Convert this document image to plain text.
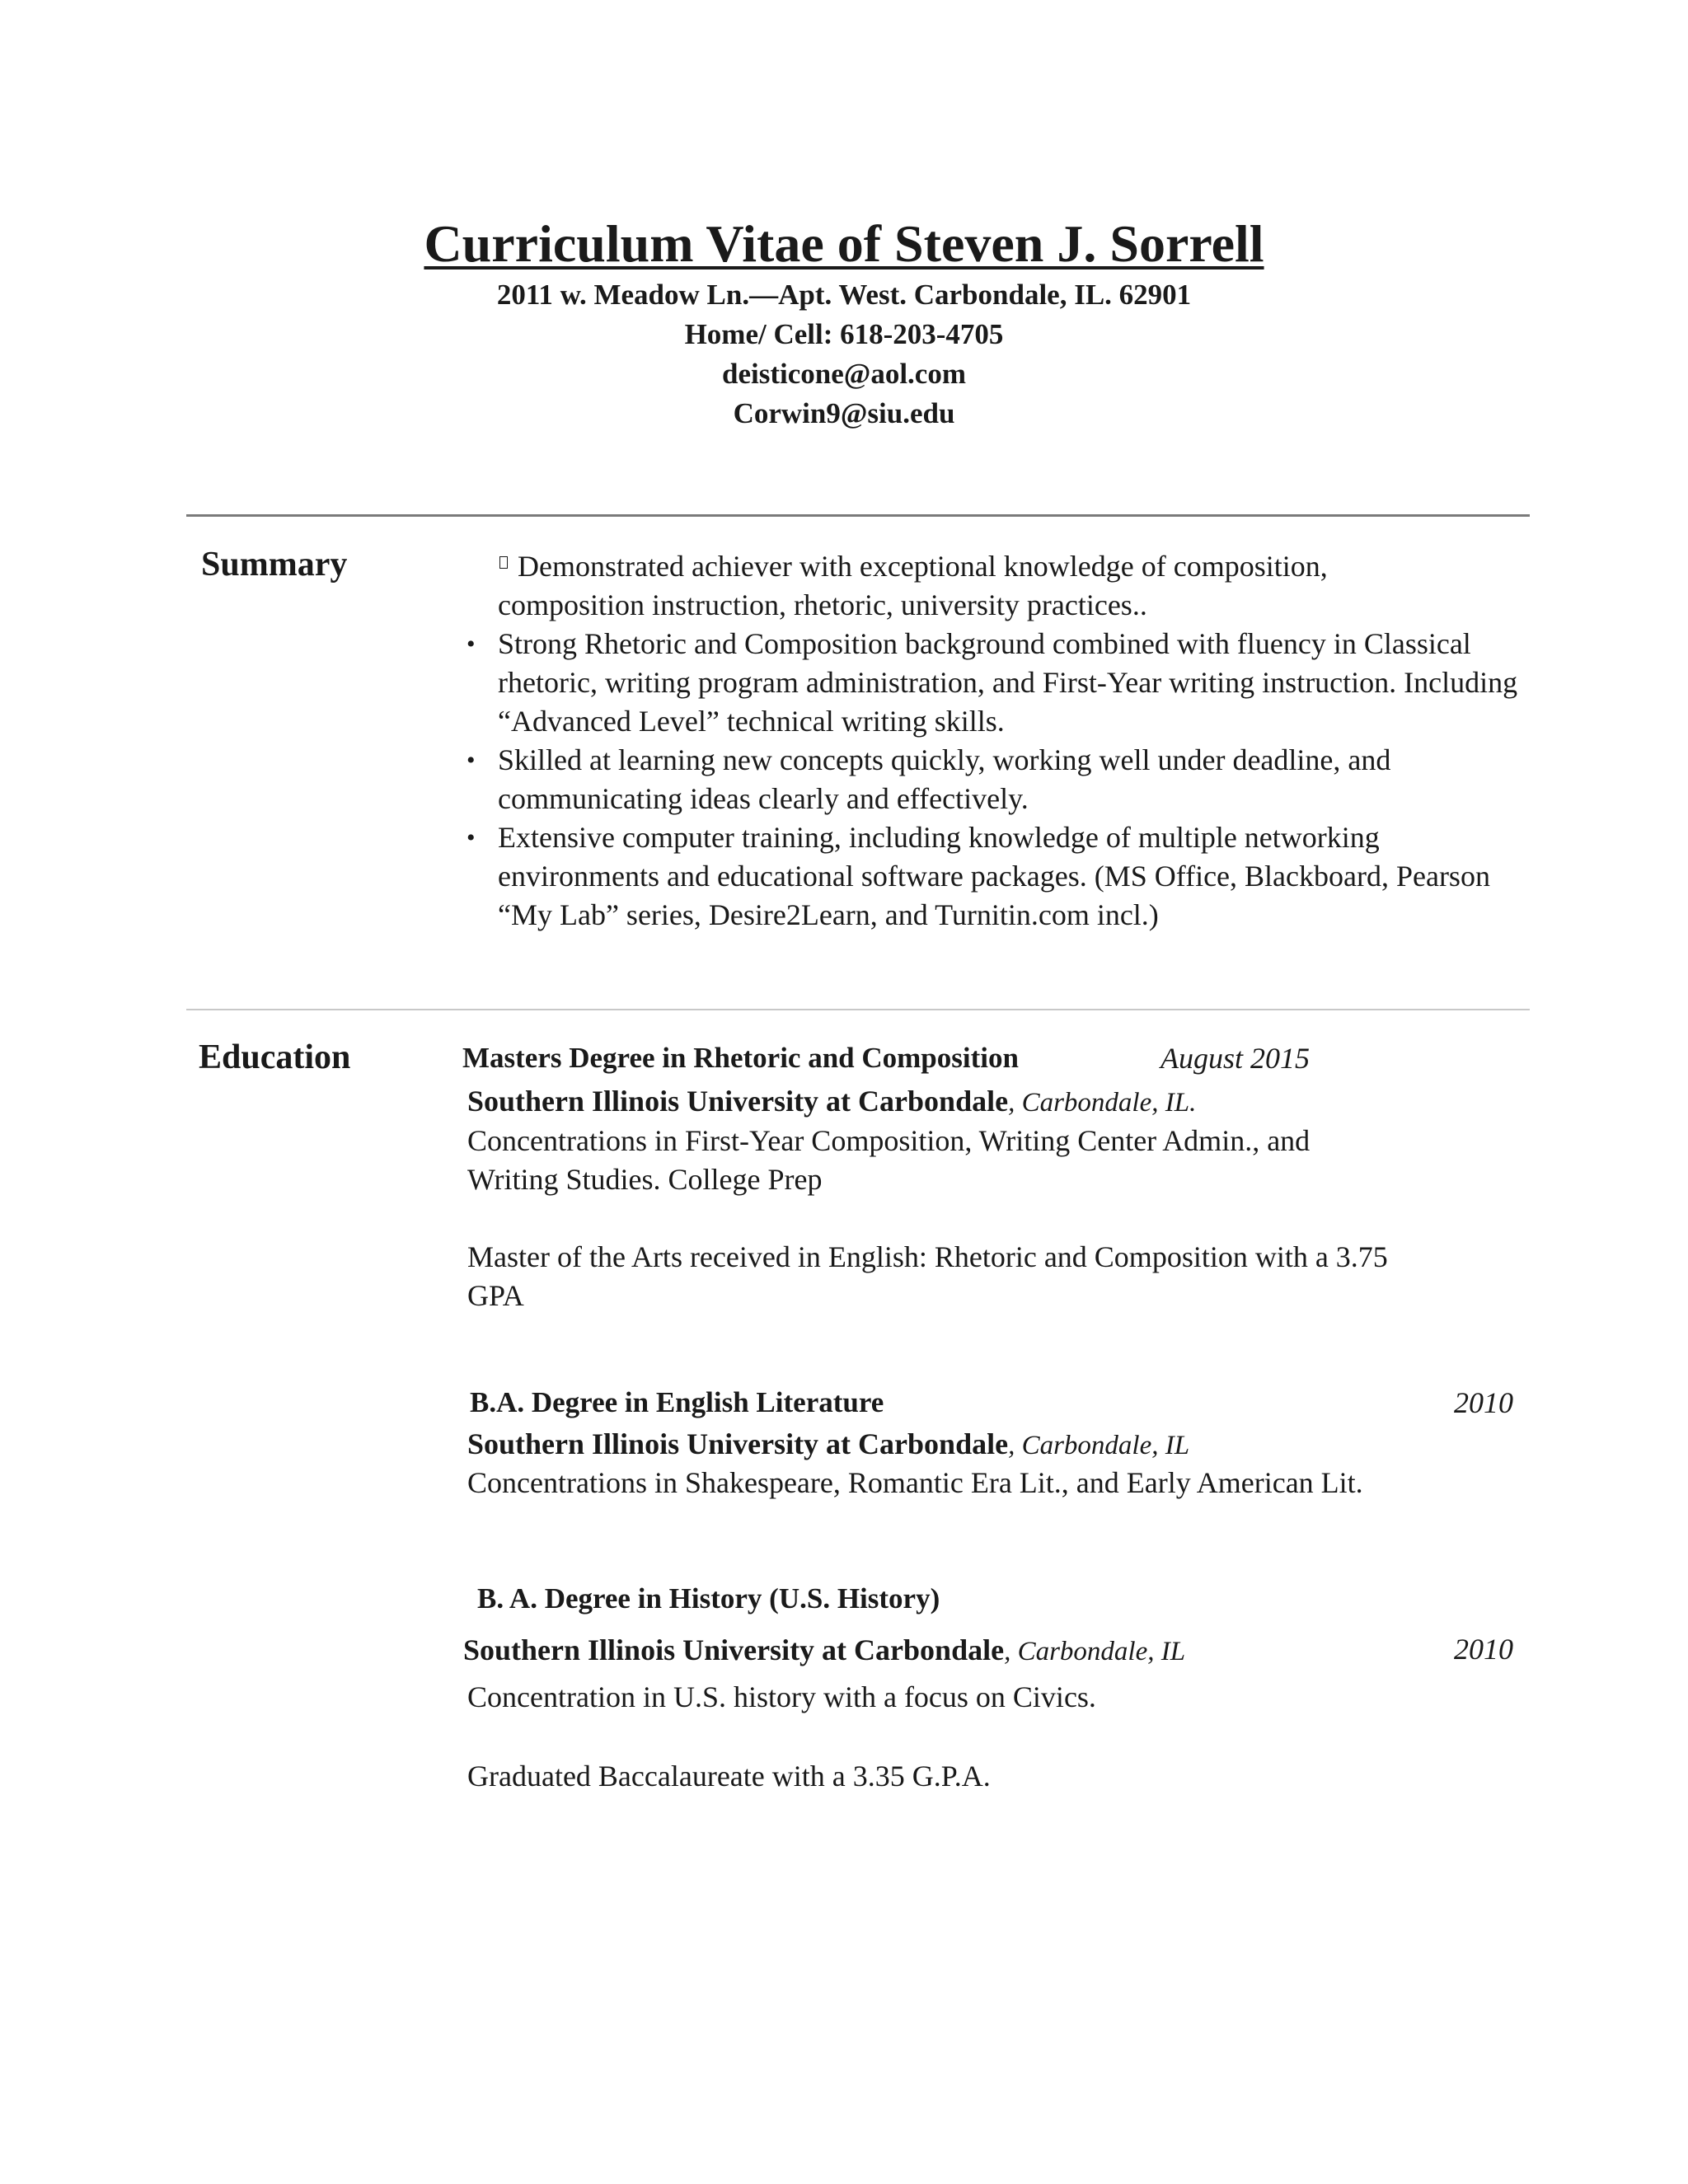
Curriculum Vitae of Steven J. Sorrell
2011 w. Meadow Ln.—Apt. West. Carbondale, IL. 62901
Home/ Cell: 618-203-4705
deisticone@aol.com
Corwin9@siu.edu
Summary	Demonstrated achiever with exceptional knowledge of composition,
composition instruction, rhetoric, university practices..
• Strong Rhetoric and Composition background combined with fluency in Classical rhetoric, writing program administration, and First-Year writing instruction. Including “Advanced Level” technical writing skills.
• Skilled at learning new concepts quickly, working well under deadline, and communicating ideas clearly and effectively.
• Extensive computer training, including knowledge of multiple networking environments and educational software packages. (MS Office, Blackboard, Pearson “My Lab” series, Desire2Learn, and Turnitin.com incl.)
Education	Masters Degree in Rhetoric and Composition	August 2015
Southern Illinois University at Carbondale, Carbondale, IL.
Concentrations in First-Year Composition, Writing Center Admin., and Writing Studies. College Prep
Master of the Arts received in English: Rhetoric and Composition with a 3.75 GPA
B.A. Degree in English Literature	2010
Southern Illinois University at Carbondale, Carbondale, IL
Concentrations in Shakespeare, Romantic Era Lit., and Early American Lit.
B. A. Degree in History (U.S. History)
Southern Illinois University at Carbondale, Carbondale, IL	2010
Concentration in U.S. history with a focus on Civics.
Graduated Baccalaureate with a 3.35 G.P.A.
